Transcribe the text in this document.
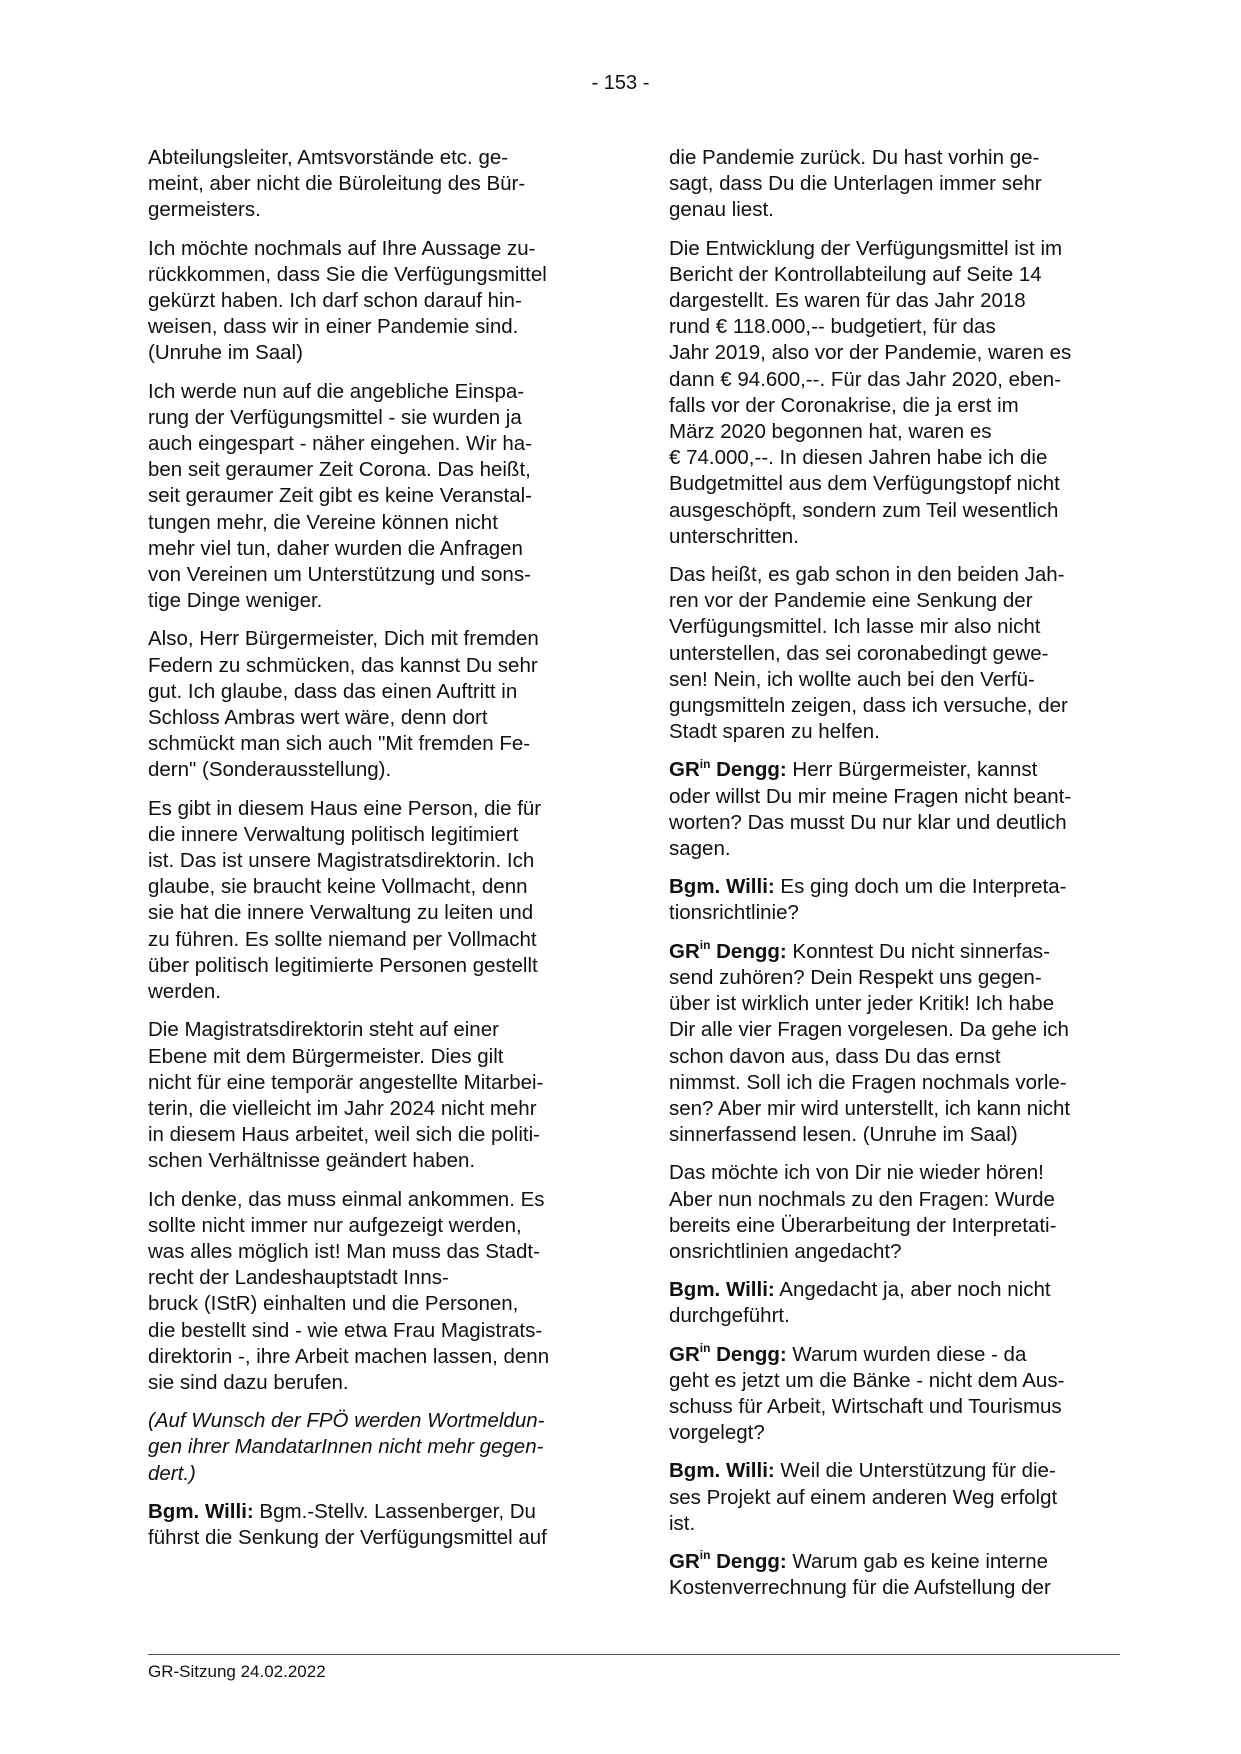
- 153 -

Abteilungsleiter, Amtsvorstände etc. ge-
meint, aber nicht die Büroleitung des Bür-
germeisters.

Ich möchte nochmals auf Ihre Aussage zu-
rückkommen, dass Sie die Verfügungsmittel
gekürzt haben. Ich darf schon darauf hin-
weisen, dass wir in einer Pandemie sind.
(Unruhe im Saal)

Ich werde nun auf die angebliche Einspa-
rung der Verfügungsmittel - sie wurden ja
auch eingespart - näher eingehen. Wir ha-
ben seit geraumer Zeit Corona. Das heißt,
seit geraumer Zeit gibt es keine Veranstal-
tungen mehr, die Vereine können nicht
mehr viel tun, daher wurden die Anfragen
von Vereinen um Unterstützung und sons-
tige Dinge weniger.

Also, Herr Bürgermeister, Dich mit fremden
Federn zu schmücken, das kannst Du sehr
gut. Ich glaube, dass das einen Auftritt in
Schloss Ambras wert wäre, denn dort
schmückt man sich auch "Mit fremden Fe-
dern" (Sonderausstellung).

Es gibt in diesem Haus eine Person, die für
die innere Verwaltung politisch legitimiert
ist. Das ist unsere Magistratsdirektorin. Ich
glaube, sie braucht keine Vollmacht, denn
sie hat die innere Verwaltung zu leiten und
zu führen. Es sollte niemand per Vollmacht
über politisch legitimierte Personen gestellt
werden.

Die Magistratsdirektorin steht auf einer
Ebene mit dem Bürgermeister. Dies gilt
nicht für eine temporär angestellte Mitarbei-
terin, die vielleicht im Jahr 2024 nicht mehr
in diesem Haus arbeitet, weil sich die politi-
schen Verhältnisse geändert haben.

Ich denke, das muss einmal ankommen. Es
sollte nicht immer nur aufgezeigt werden,
was alles möglich ist! Man muss das Stadt-
recht der Landeshauptstadt Inns-
bruck (IStR) einhalten und die Personen,
die bestellt sind - wie etwa Frau Magistrats-
direktorin -, ihre Arbeit machen lassen, denn
sie sind dazu berufen.

(Auf Wunsch der FPÖ werden Wortmeldun-
gen ihrer MandatarInnen nicht mehr gegen-
dert.)

Bgm. Willi: Bgm.-Stellv. Lassenberger, Du
führst die Senkung der Verfügungsmittel auf

die Pandemie zurück. Du hast vorhin ge-
sagt, dass Du die Unterlagen immer sehr
genau liest.

Die Entwicklung der Verfügungsmittel ist im
Bericht der Kontrollabteilung auf Seite 14
dargestellt. Es waren für das Jahr 2018
rund € 118.000,-- budgetiert, für das
Jahr 2019, also vor der Pandemie, waren es
dann € 94.600,--. Für das Jahr 2020, eben-
falls vor der Coronakrise, die ja erst im
März 2020 begonnen hat, waren es
€ 74.000,--. In diesen Jahren habe ich die
Budgetmittel aus dem Verfügungstopf nicht
ausgeschöpft, sondern zum Teil wesentlich
unterschritten.

Das heißt, es gab schon in den beiden Jah-
ren vor der Pandemie eine Senkung der
Verfügungsmittel. Ich lasse mir also nicht
unterstellen, das sei coronabedingt gewe-
sen! Nein, ich wollte auch bei den Verfü-
gungsmitteln zeigen, dass ich versuche, der
Stadt sparen zu helfen.

$GR^{in}$ Dengg: Herr Bürgermeister, kannst
oder willst Du mir meine Fragen nicht beant-
worten? Das musst Du nur klar und deutlich
sagen.

Bgm. Willi: Es ging doch um die Interpreta-
tionsrichtlinie?

$GR^{in}$ Dengg: Konntest Du nicht sinnerfas-
send zuhören? Dein Respekt uns gegen-
über ist wirklich unter jeder Kritik! Ich habe
Dir alle vier Fragen vorgelesen. Da gehe ich
schon davon aus, dass Du das ernst
nimmst. Soll ich die Fragen nochmals vorle-
sen? Aber mir wird unterstellt, ich kann nicht
sinnerfassend lesen. (Unruhe im Saal)

Das möchte ich von Dir nie wieder hören!
Aber nun nochmals zu den Fragen: Wurde
bereits eine Überarbeitung der Interpretati-
onsrichtlinien angedacht?

Bgm. Willi: Angedacht ja, aber noch nicht
durchgeführt.

$GR^{in}$ Dengg: Warum wurden diese - da
geht es jetzt um die Bänke - nicht dem Aus-
schuss für Arbeit, Wirtschaft und Tourismus
vorgelegt?

Bgm. Willi: Weil die Unterstützung für die-
ses Projekt auf einem anderen Weg erfolgt
ist.

$GR^{in}$ Dengg: Warum gab es keine interne
Kostenverrechnung für die Aufstellung der

GR-Sitzung 24.02.2022
